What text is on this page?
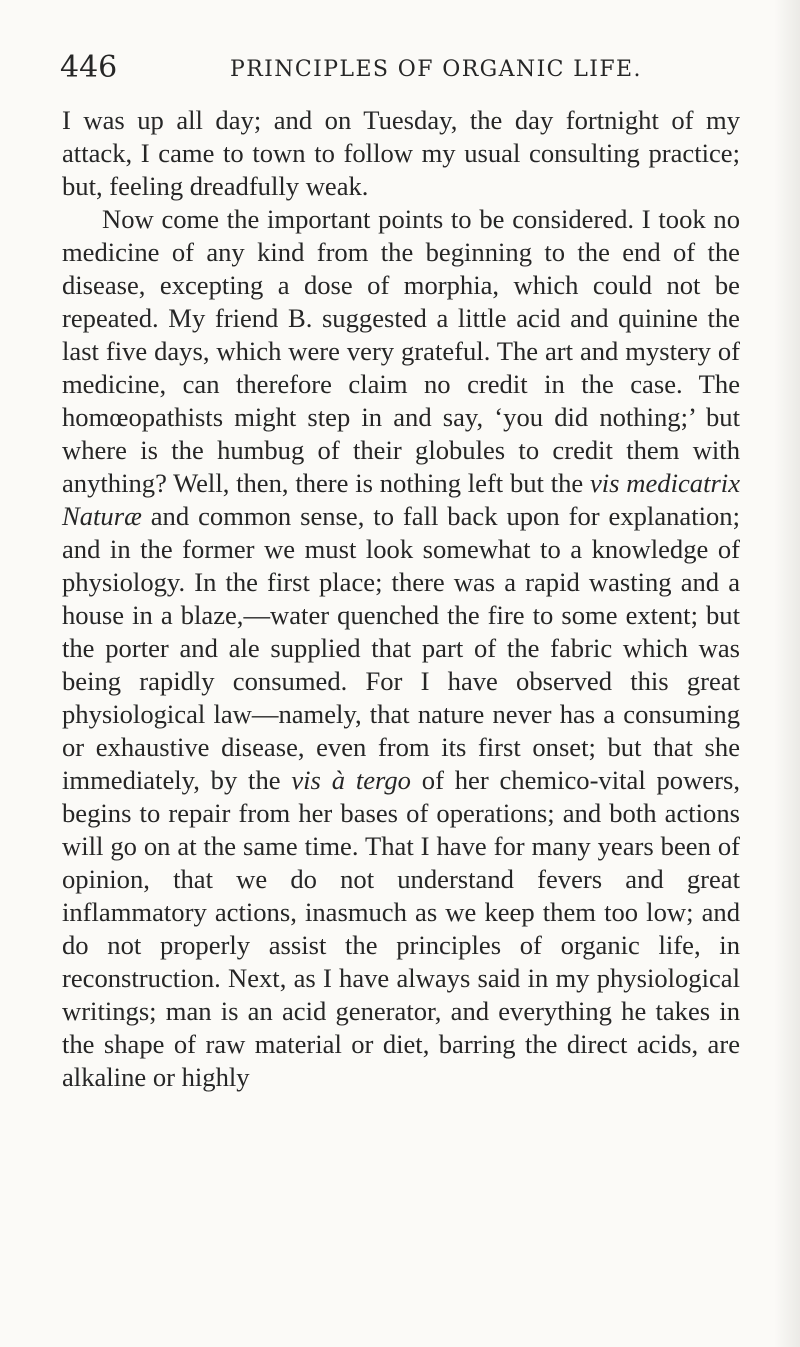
446	PRINCIPLES OF ORGANIC LIFE.

I was up all day; and on Tuesday, the day fortnight of my attack, I came to town to follow my usual consulting practice; but, feeling dreadfully weak.

Now come the important points to be considered. I took no medicine of any kind from the beginning to the end of the disease, excepting a dose of morphia, which could not be repeated. My friend B. suggested a little acid and quinine the last five days, which were very grateful. The art and mystery of medicine, can therefore claim no credit in the case. The homœopathists might step in and say, ‘you did nothing;’ but where is the humbug of their globules to credit them with anything? Well, then, there is nothing left but the vis medicatrix Naturæ and common sense, to fall back upon for explanation; and in the former we must look somewhat to a knowledge of physiology. In the first place; there was a rapid wasting and a house in a blaze,—water quenched the fire to some extent; but the porter and ale supplied that part of the fabric which was being rapidly consumed. For I have observed this great physiological law—namely, that nature never has a consuming or exhaustive disease, even from its first onset; but that she immediately, by the vis à tergo of her chemico-vital powers, begins to repair from her bases of operations; and both actions will go on at the same time. That I have for many years been of opinion, that we do not understand fevers and great inflammatory actions, inasmuch as we keep them too low; and do not properly assist the principles of organic life, in reconstruction. Next, as I have always said in my physiological writings; man is an acid generator, and everything he takes in the shape of raw material or diet, barring the direct acids, are alkaline or highly
